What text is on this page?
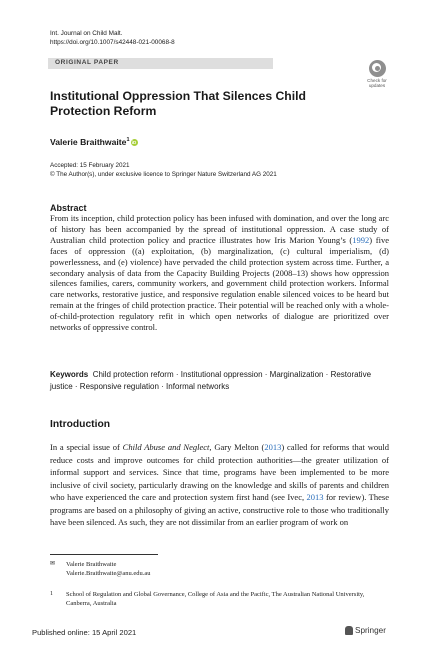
Int. Journal on Child Malt.
https://doi.org/10.1007/s42448-021-00068-8
ORIGINAL PAPER
Check for
updates
Institutional Oppression That Silences Child Protection Reform
Valerie Braithwaite$^1$ iD
Accepted: 15 February 2021
© The Author(s), under exclusive licence to Springer Nature Switzerland AG 2021
Abstract
From its inception, child protection policy has been infused with domination, and over the long arc of history has been accompanied by the spread of institutional oppression. A case study of Australian child protection policy and practice illustrates how Iris Marion Young’s (1992) five faces of oppression ((a) exploitation, (b) marginalization, (c) cultural imperialism, (d) powerlessness, and (e) violence) have pervaded the child protection system across time. Further, a secondary analysis of data from the Capacity Building Projects (2008–13) shows how oppression silences families, carers, community workers, and government child protection workers. Informal care networks, restorative justice, and responsive regulation enable silenced voices to be heard but remain at the fringes of child protection practice. Their potential will be reached only with a whole-of-child-protection regulatory refit in which open networks of dialogue are prioritized over networks of oppressive control.
Keywords Child protection reform · Institutional oppression · Marginalization · Restorative justice · Responsive regulation · Informal networks
Introduction
In a special issue of Child Abuse and Neglect, Gary Melton (2013) called for reforms that would reduce costs and improve outcomes for child protection authorities—the greater utilization of informal support and services. Since that time, programs have been implemented to be more inclusive of civil society, particularly drawing on the knowledge and skills of parents and children who have experienced the care and protection system first hand (see Ivec, 2013 for review). These programs are based on a philosophy of giving an active, constructive role to those who traditionally have been silenced. As such, they are not dissimilar from an earlier program of work on
✉ Valerie Braithwaite
Valerie.Braithwaite@anu.edu.au
1 School of Regulation and Global Governance, College of Asia and the Pacific, The Australian National University, Canberra, Australia
Published online: 15 April 2021	Springer
